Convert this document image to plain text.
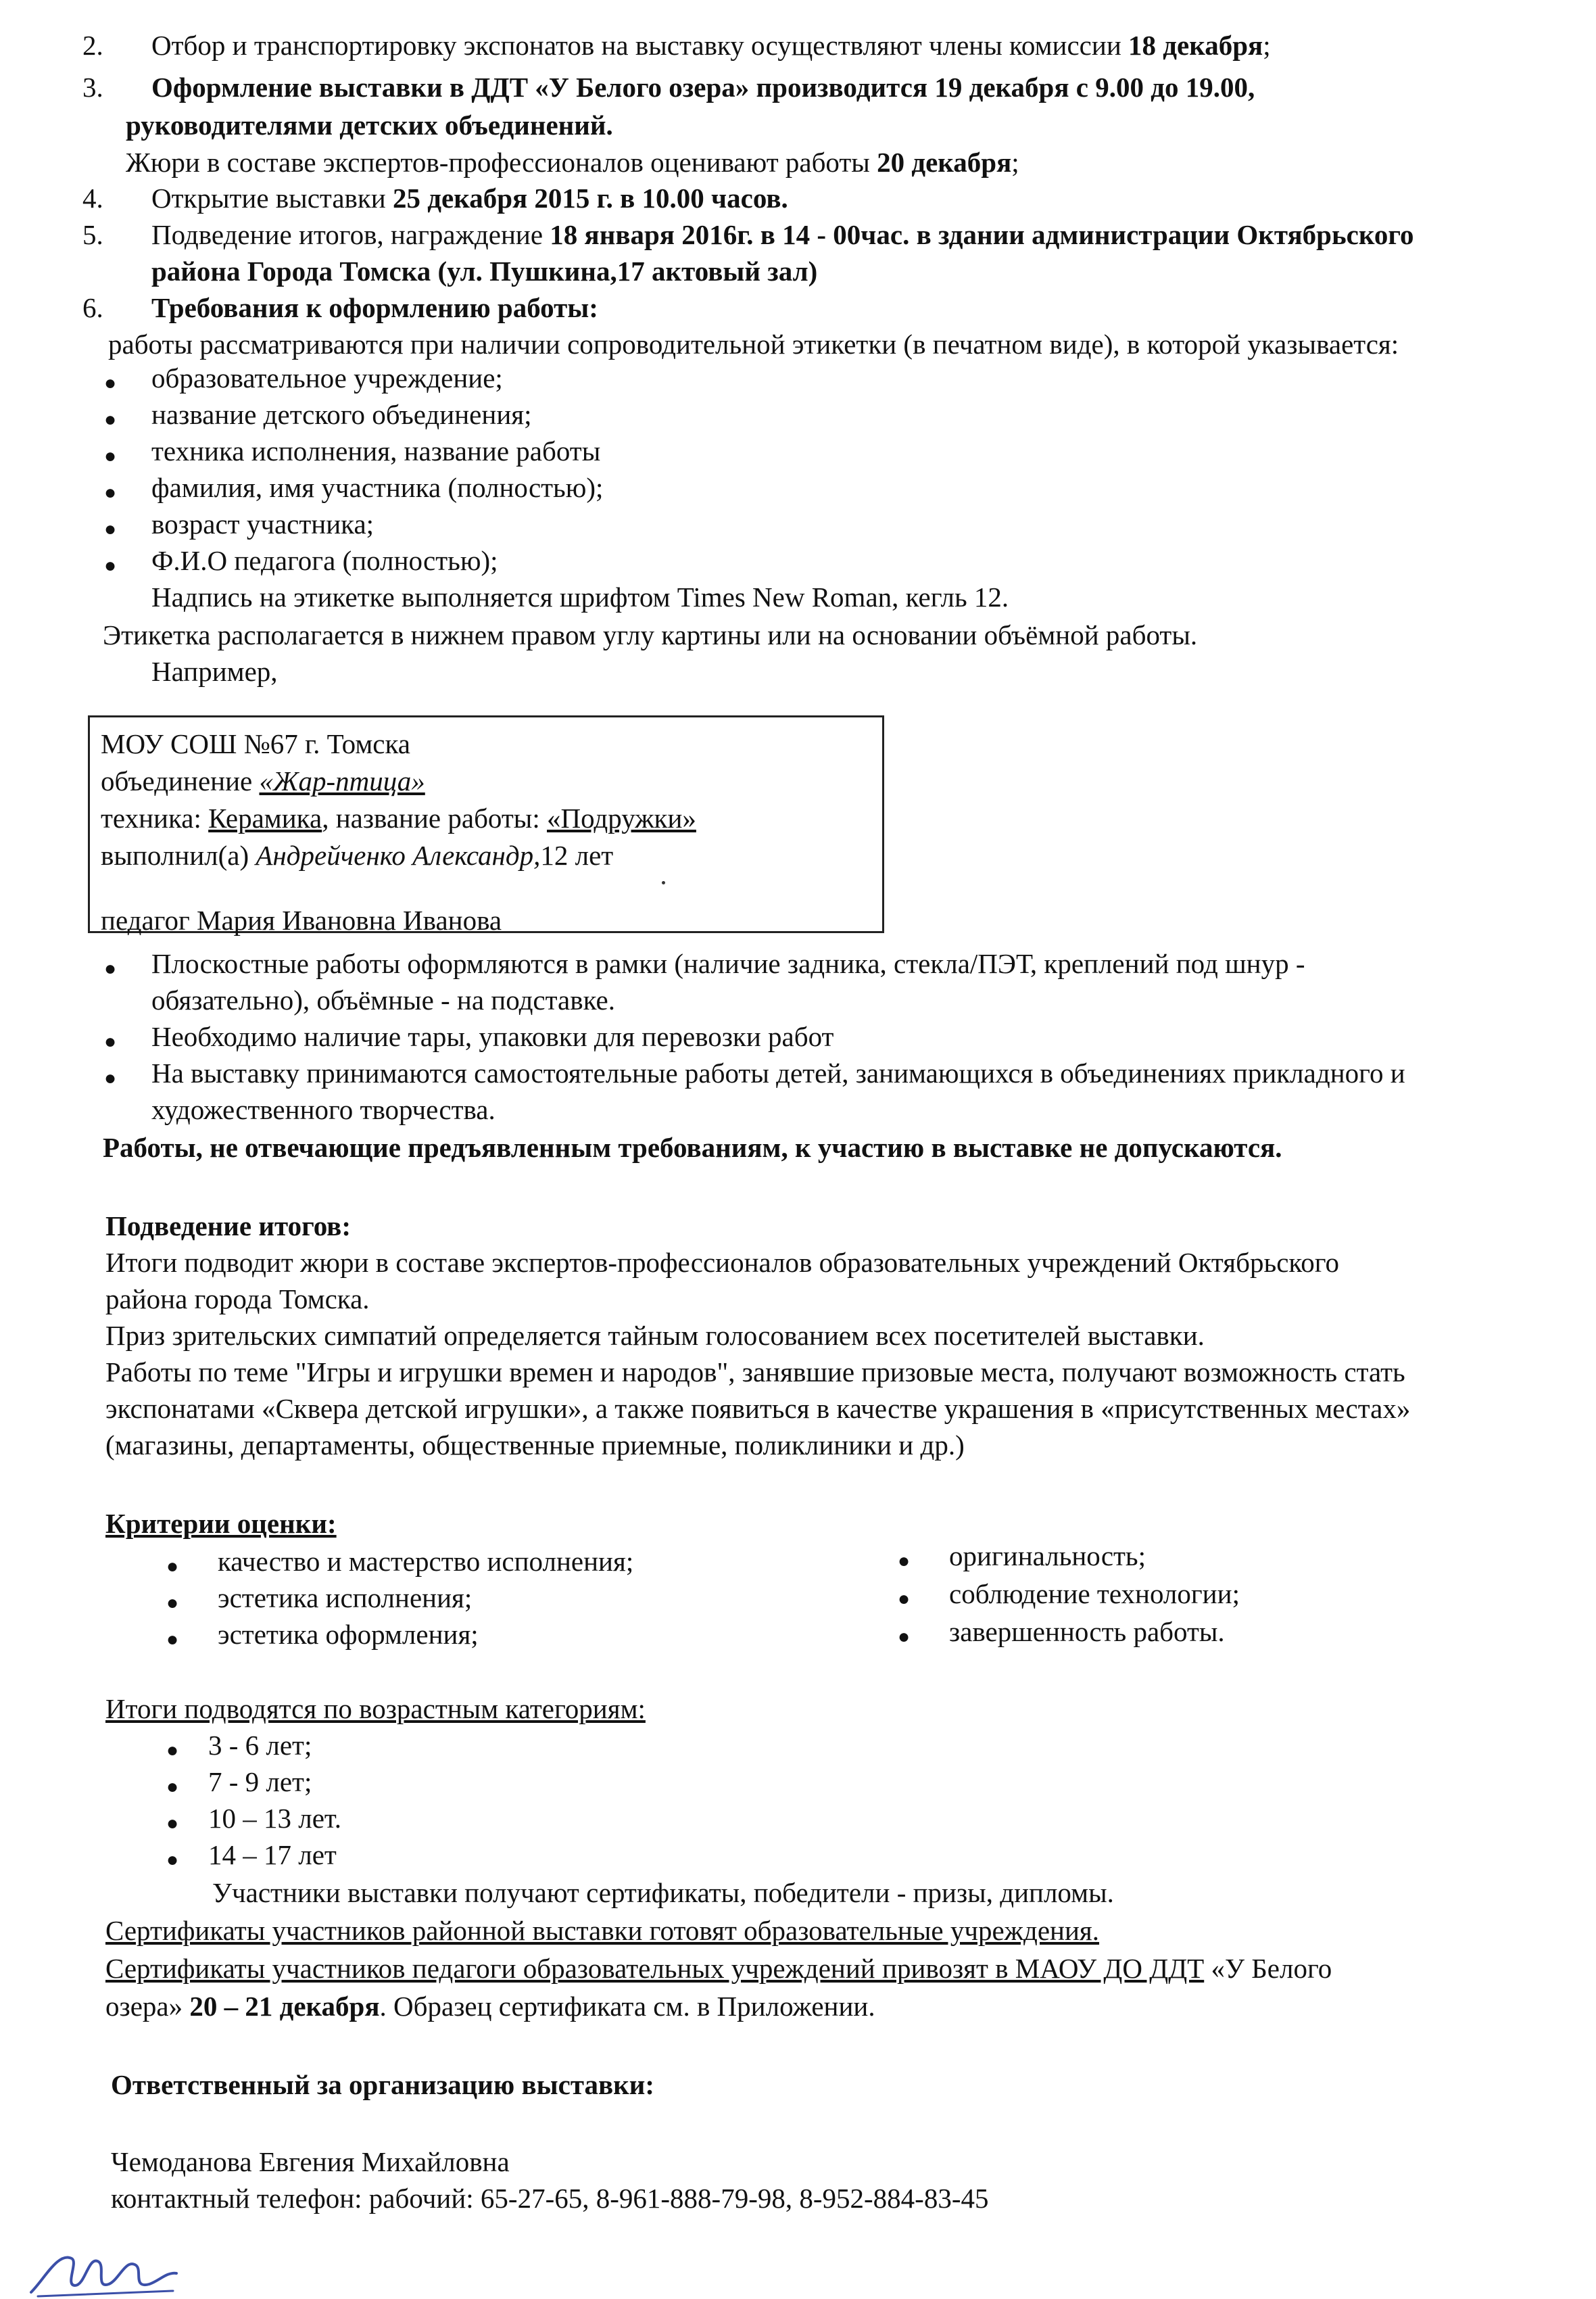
2. Отбор и транспортировку экспонатов на выставку осуществляют члены комиссии 18 декабря;
3. Оформление выставки в ДДТ «У Белого озера» производится 19 декабря с 9.00 до 19.00,
руководителями детских объединений.
Жюри в составе экспертов-профессионалов оценивают работы 20 декабря;
4. Открытие выставки 25 декабря 2015 г. в 10.00 часов.
5. Подведение итогов, награждение 18 января 2016г. в 14 - 00час. в здании администрации Октябрьского
района Города Томска (ул. Пушкина,17 актовый зал)
6. Требования к оформлению работы:
работы рассматриваются при наличии сопроводительной этикетки (в печатном виде), в которой указывается:
● образовательное учреждение;
● название детского объединения;
● техника исполнения, название работы
● фамилия, имя участника (полностью);
● возраст участника;
● Ф.И.О педагога (полностью);
Надпись на этикетке выполняется шрифтом Times New Roman, кегль 12.
Этикетка располагается в нижнем правом углу картины или на основании объёмной работы.
Например,
МОУ СОШ №67 г. Томска
объединение «Жар-птица»
техника: Керамика, название работы: «Подружки»
выполнил(а) Андрейченко Александр,12 лет
педагог Мария Ивановна Иванова
● Плоскостные работы оформляются в рамки (наличие задника, стекла/ПЭТ, креплений под шнур -
обязательно), объёмные - на подставке.
● Необходимо наличие тары, упаковки для перевозки работ
● На выставку принимаются самостоятельные работы детей, занимающихся в объединениях прикладного и
художественного творчества.
Работы, не отвечающие предъявленным требованиям, к участию в выставке не допускаются.
Подведение итогов:
Итоги подводит жюри в составе экспертов-профессионалов образовательных учреждений Октябрьского
района города Томска.
Приз зрительских симпатий определяется тайным голосованием всех посетителей выставки.
Работы по теме "Игры и игрушки времен и народов", занявшие призовые места, получают возможность стать
экспонатами «Сквера детской игрушки», а также появиться в качестве украшения в «присутственных местах»
(магазины, департаменты, общественные приемные, поликлиники и др.)
Критерии оценки:
● качество и мастерство исполнения;
● эстетика исполнения;
● эстетика оформления;
● оригинальность;
● соблюдение технологии;
● завершенность работы.
Итоги подводятся по возрастным категориям:
● 3 - 6 лет;
● 7 - 9 лет;
● 10 – 13 лет.
● 14 – 17 лет
Участники выставки получают сертификаты, победители - призы, дипломы.
Сертификаты участников районной выставки готовят образовательные учреждения.
Сертификаты участников педагоги образовательных учреждений привозят в МАОУ ДО ДДТ «У Белого
озера» 20 – 21 декабря. Образец сертификата см. в Приложении.
Ответственный за организацию выставки:
Чемоданова Евгения Михайловна
контактный телефон: рабочий: 65-27-65, 8-961-888-79-98, 8-952-884-83-45
